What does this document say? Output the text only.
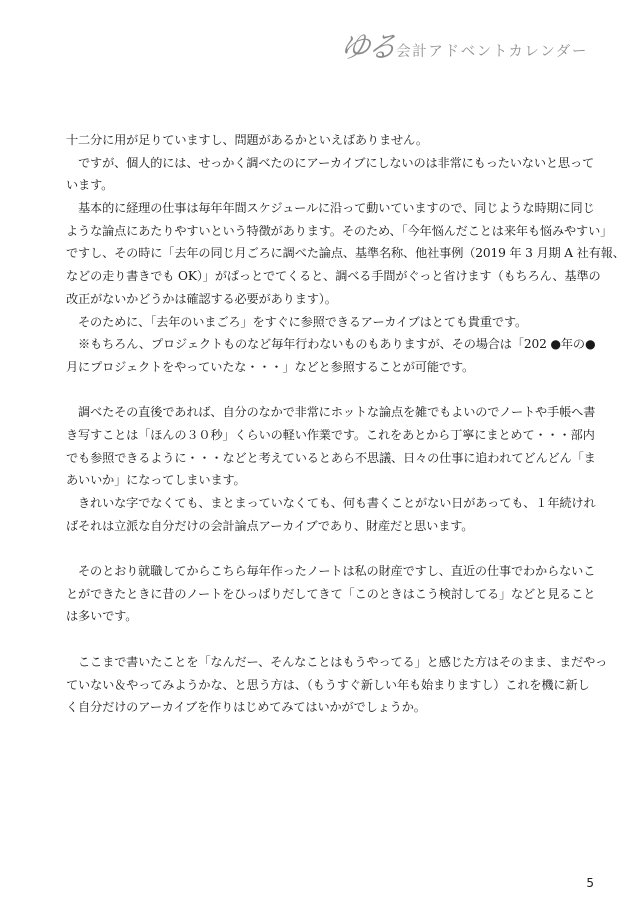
ゆる
会計アドベントカレンダー
十二分に用が足りていますし、問題があるかといえばありません。
ですが、個人的には、せっかく調べたのにアーカイブにしないのは非常にもったいないと思って
います。
基本的に経理の仕事は毎年年間スケジュールに沿って動いていますので、同じような時期に同じ
ような論点にあたりやすいという特徴があります。そのため、「今年悩んだことは来年も悩みやすい」
ですし、その時に「去年の同じ月ごろに調べた論点、基準名称、他社事例（2019 年 3 月期 A 社有報、
などの走り書きでも OK）」がぱっとでてくると、調べる手間がぐっと省けます（もちろん、基準の
改正がないかどうかは確認する必要があります）。
そのために、「去年のいまごろ」をすぐに参照できるアーカイブはとても貴重です。
※もちろん、プロジェクトものなど毎年行わないものもありますが、その場合は「202 ●年の●
月にプロジェクトをやっていたな・・・」などと参照することが可能です。
調べたその直後であれば、自分のなかで非常にホットな論点を雑でもよいのでノートや手帳へ書
き写すことは「ほんの３０秒」くらいの軽い作業です。これをあとから丁寧にまとめて・・・部内
でも参照できるように・・・などと考えているとあら不思議、日々の仕事に追われてどんどん「ま
あいいか」になってしまいます。
きれいな字でなくても、まとまっていなくても、何も書くことがない日があっても、１年続けれ
ばそれは立派な自分だけの会計論点アーカイブであり、財産だと思います。
そのとおり就職してからこちら毎年作ったノートは私の財産ですし、直近の仕事でわからないこ
とができたときに昔のノートをひっぱりだしてきて「このときはこう検討してる」などと見ること
は多いです。
ここまで書いたことを「なんだー、そんなことはもうやってる」と感じた方はそのまま、まだやっ
ていない＆やってみようかな、と思う方は、（もうすぐ新しい年も始まりますし）これを機に新し
く自分だけのアーカイブを作りはじめてみてはいかがでしょうか。
5
